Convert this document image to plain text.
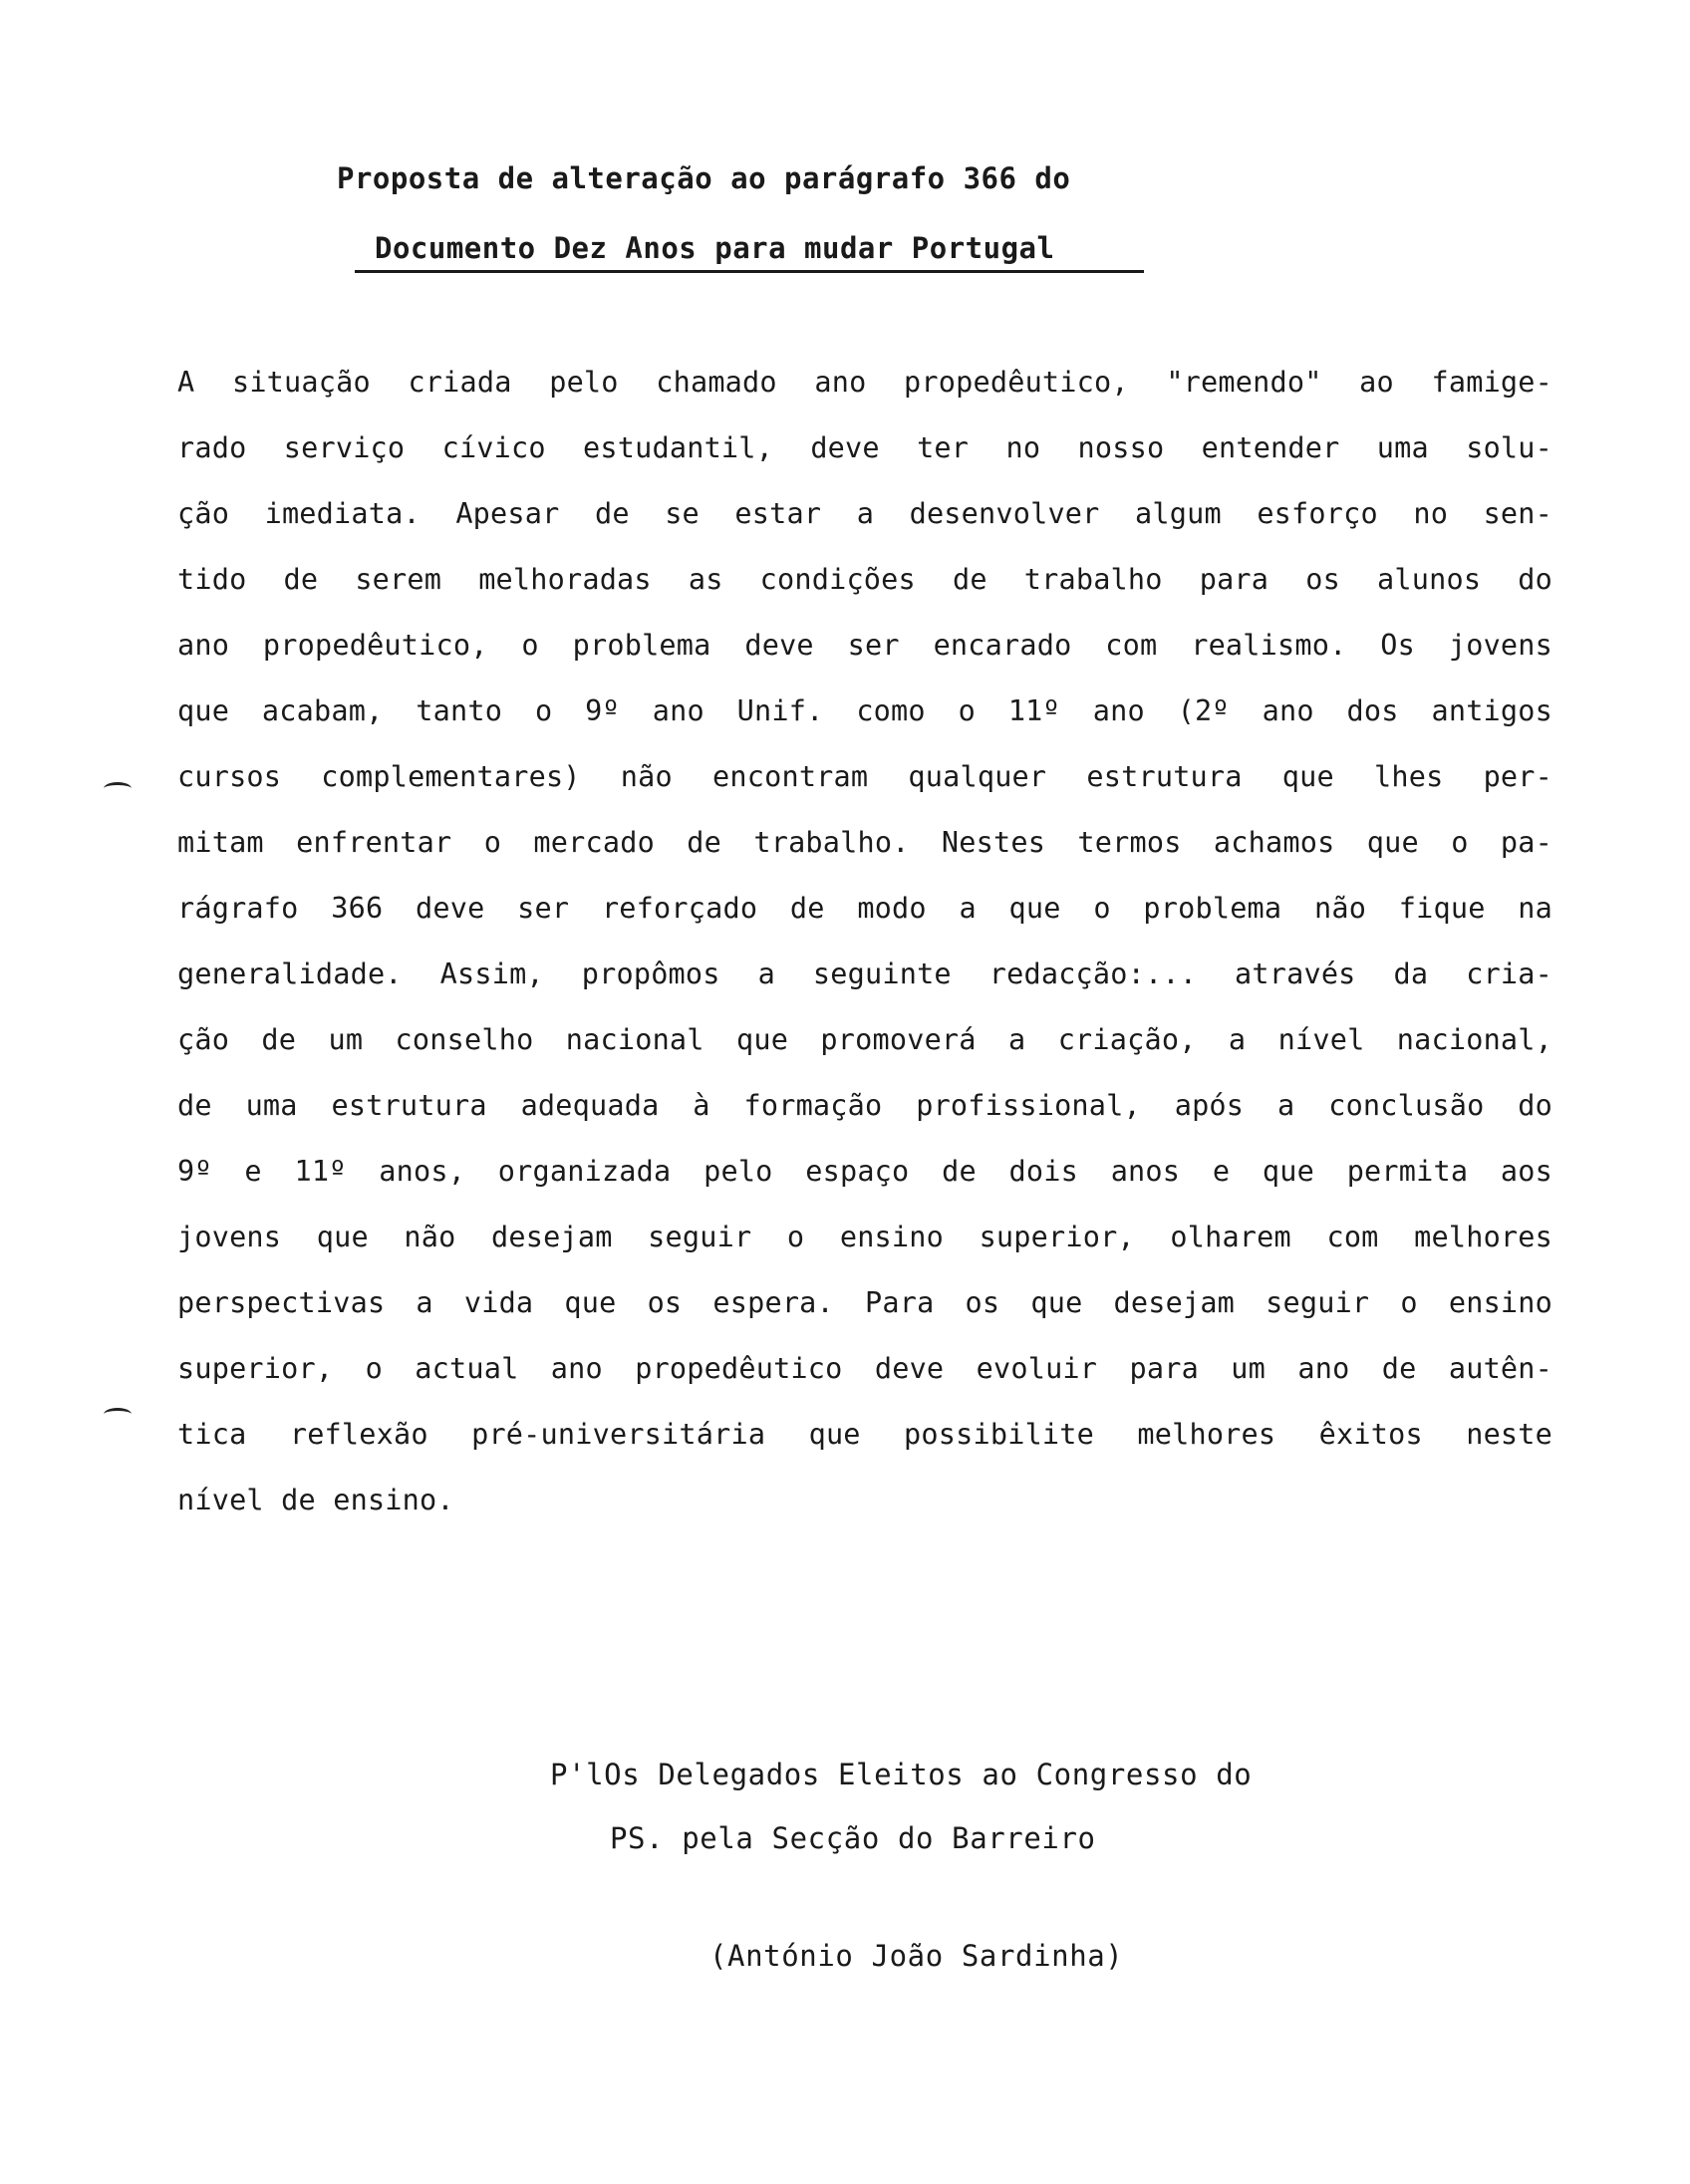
Proposta de alteração ao parágrafo 366 do
Documento Dez Anos para mudar Portugal
A situação criada pelo chamado ano propedêutico, "remendo" ao famige-
rado serviço cívico estudantil, deve ter no nosso entender uma solu-
ção imediata. Apesar de se estar a desenvolver algum esforço no sen-
tido de serem melhoradas as condições de trabalho para os alunos do
ano propedêutico, o problema deve ser encarado com realismo. Os jovens
que acabam, tanto o 9º ano Unif. como o 11º ano (2º ano dos antigos
cursos complementares) não encontram qualquer estrutura que lhes per-
mitam enfrentar o mercado de trabalho. Nestes termos achamos que o pa-
rágrafo 366 deve ser reforçado de modo a que o problema não fique na
generalidade. Assim, propômos a seguinte redacção:... através da cria-
ção de um conselho nacional que promoverá a criação, a nível nacional,
de uma estrutura adequada à formação profissional, após a conclusão do
9º e 11º anos, organizada pelo espaço de dois anos e que permita aos
jovens que não desejam seguir o ensino superior, olharem com melhores
perspectivas a vida que os espera. Para os que desejam seguir o ensino
superior, o actual ano propedêutico deve evoluir para um ano de autên-
tica reflexão pré-universitária que possibilite melhores êxitos neste
nível de ensino.
P'lOs Delegados Eleitos ao Congresso do
PS. pela Secção do Barreiro
(António João Sardinha)
